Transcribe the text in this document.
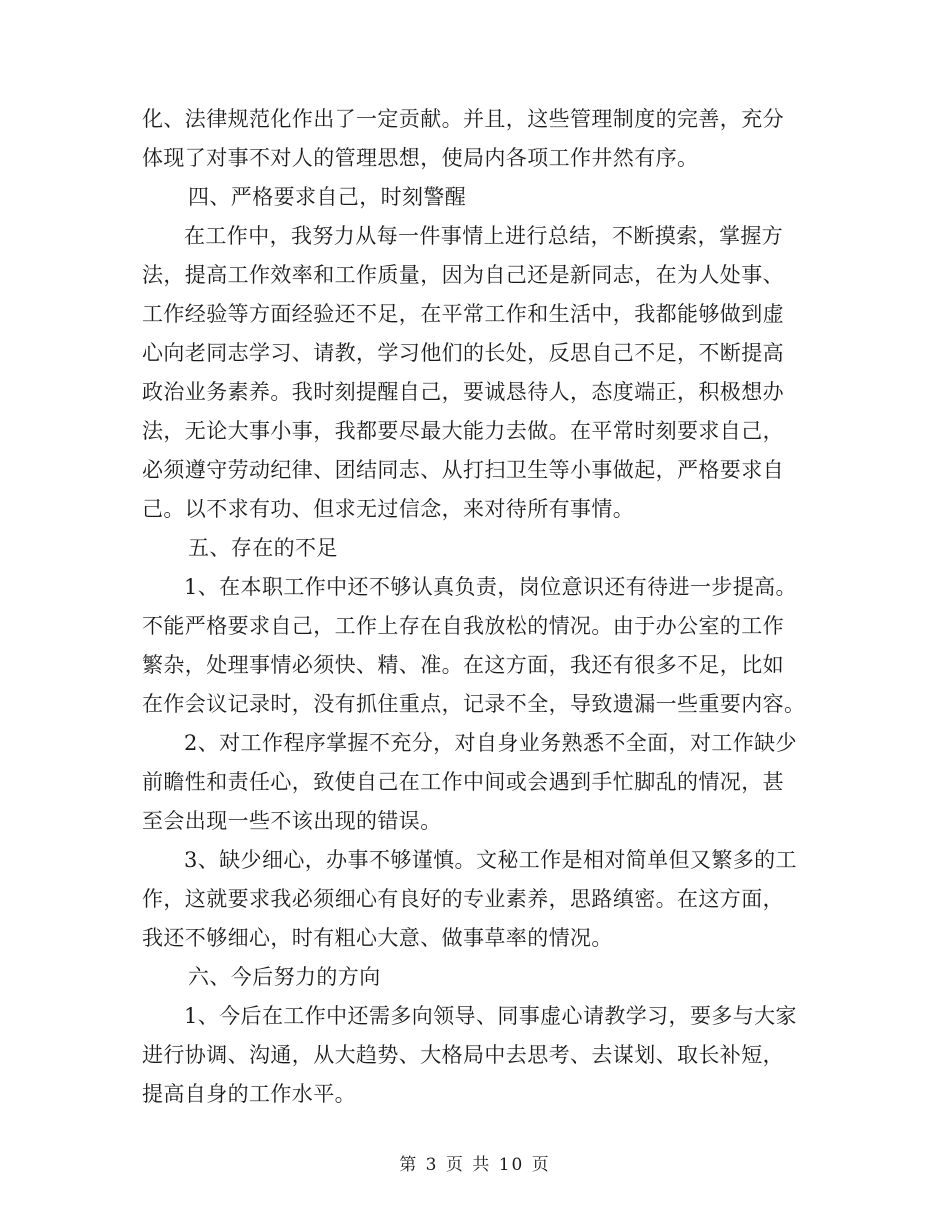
化、法律规范化作出了一定贡献。并且，这些管理制度的完善，充分
体现了对事不对人的管理思想，使局内各项工作井然有序。
四、严格要求自己，时刻警醒
在工作中，我努力从每一件事情上进行总结，不断摸索，掌握方
法，提高工作效率和工作质量，因为自己还是新同志，在为人处事、
工作经验等方面经验还不足，在平常工作和生活中，我都能够做到虚
心向老同志学习、请教，学习他们的长处，反思自己不足，不断提高
政治业务素养。我时刻提醒自己，要诚恳待人，态度端正，积极想办
法，无论大事小事，我都要尽最大能力去做。在平常时刻要求自己，
必须遵守劳动纪律、团结同志、从打扫卫生等小事做起，严格要求自
己。以不求有功、但求无过信念，来对待所有事情。
五、存在的不足
1、在本职工作中还不够认真负责，岗位意识还有待进一步提高。
不能严格要求自己，工作上存在自我放松的情况。由于办公室的工作
繁杂，处理事情必须快、精、准。在这方面，我还有很多不足，比如
在作会议记录时，没有抓住重点，记录不全，导致遗漏一些重要内容。
2、对工作程序掌握不充分，对自身业务熟悉不全面，对工作缺少
前瞻性和责任心，致使自己在工作中间或会遇到手忙脚乱的情况，甚
至会出现一些不该出现的错误。
3、缺少细心，办事不够谨慎。文秘工作是相对简单但又繁多的工
作，这就要求我必须细心有良好的专业素养，思路缜密。在这方面，
我还不够细心，时有粗心大意、做事草率的情况。
六、今后努力的方向
1、今后在工作中还需多向领导、同事虚心请教学习，要多与大家
进行协调、沟通，从大趋势、大格局中去思考、去谋划、取长补短，
提高自身的工作水平。
第 3 页 共 10 页
